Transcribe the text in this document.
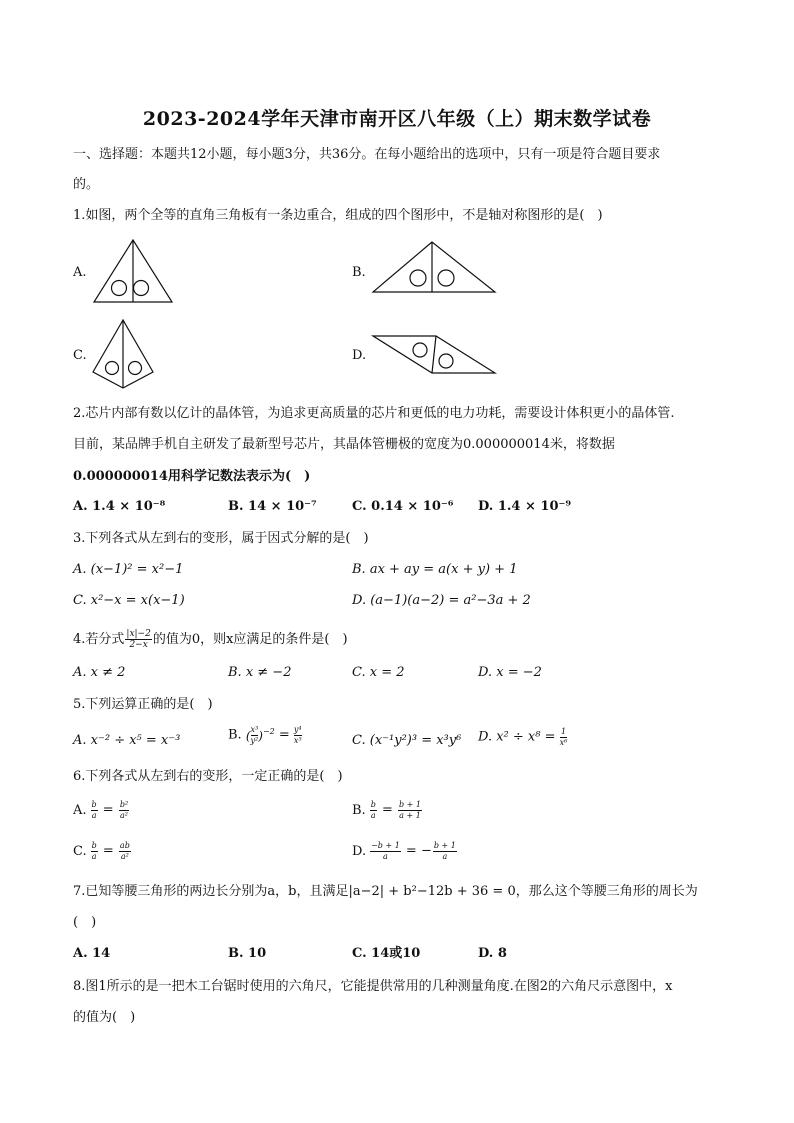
2023-2024学年天津市南开区八年级（上）期末数学试卷
一、选择题：本题共12小题，每小题3分，共36分。在每小题给出的选项中，只有一项是符合题目要求
的。
1.如图，两个全等的直角三角板有一条边重合，组成的四个图形中，不是轴对称图形的是(　)
A.	B.
C.	D.
2.芯片内部有数以亿计的晶体管，为追求更高质量的芯片和更低的电力功耗，需要设计体积更小的晶体管.
目前，某品牌手机自主研发了最新型号芯片，其晶体管栅极的宽度为0.000000014米，将数据
0.000000014用科学记数法表示为(　)
A. 1.4 × 10⁻⁸	B. 14 × 10⁻⁷	C. 0.14 × 10⁻⁶ D. 1.4 × 10⁻⁹
3.下列各式从左到右的变形，属于因式分解的是(　)
A. (x−1)² = x²−1	B. ax + ay = a(x + y) + 1
C. x²−x = x(x−1)	D. (a−1)(a−2) = a²−3a + 2
4.若分式 $\frac{|x|-2}{2-x}$ 的值为0，则x应满足的条件是(　)
A. x ≠ 2	B. x ≠ −2	C. x = 2	D. x = −2
5.下列运算正确的是(　)
A. x⁻² ÷ x⁵ = x⁻³	B. ( $\frac{\text{x³}}{\text{y²}} )^{-2} = \frac{\text{y⁴}}{\text{x⁵}}$	C. (x⁻¹y²)³ = x³y⁶ D. $x^2 \div x^8 = \frac{1}{\text{x⁶}}$
6.下列各式从左到右的变形，一定正确的是(　)
A. $\frac{b}{a} = \frac{\text{b²}}{\text{a²}}$	B. $\frac{b}{a} = \frac{b + 1}{a + 1}$
C. $\frac{b}{a} = \frac{ab}{\text{a²}}$	D. $\frac{-b + 1}{a}$ = − $\frac{b + 1}{a}$
7.已知等腰三角形的两边长分别为a，b，且满足|a−2| + b²−12b + 36 = 0，那么这个等腰三角形的周长为
(　)
A. 14	B. 10	C. 14或10	D. 8
8.图1所示的是一把木工台锯时使用的六角尺，它能提供常用的几种测量角度.在图2的六角尺示意图中，x
的值为(　)
